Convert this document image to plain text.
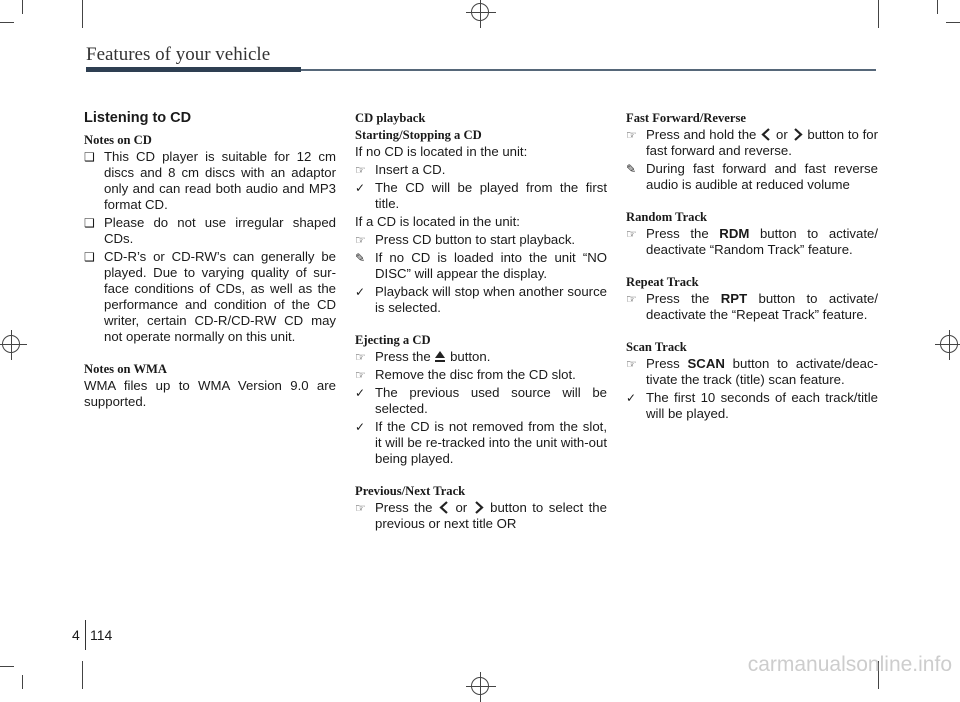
Features of your vehicle
Listening to CD
Notes on CD
❑ This CD player is suitable for 12 cm discs and 8 cm discs with an adaptor only and can read both audio and MP3 format CD.
❑ Please do not use irregular shaped CDs.
❑ CD-R’s or CD-RW’s can generally be played. Due to varying quality of sur-face conditions of CDs, as well as the performance and condition of the CD writer, certain CD-R/CD-RW CD may not operate normally on this unit.
Notes on WMA

WMA files up to WMA Version 9.0 are supported.

CD playback
Starting/Stopping a CD

If no CD is located in the unit:

☞ Insert a CD.
✓ The CD will be played from the first title.

If a CD is located in the unit:

☞ Press CD button to start playback.
✎ If no CD is loaded into the unit “NO DISC” will appear the display.
✓ Playback will stop when another source is selected.
Ejecting a CD
☞ Press the button.
☞ Remove the disc from the CD slot.
✓ The previous used source will be selected.
✓ If the CD is not removed from the slot, it will be re-tracked into the unit with-out being played.
Previous/Next Track
☞ Press the or button to select the previous or next title OR
Fast Forward/Reverse
☞ Press and hold the or button to for fast forward and reverse.
✎ During fast forward and fast reverse audio is audible at reduced volume
Random Track
☞ Press the RDM button to activate/ deactivate “Random Track” feature.
Repeat Track
☞ Press the RPT button to activate/ deactivate the “Repeat Track” feature.
Scan Track
☞ Press SCAN button to activate/deac-tivate the track (title) scan feature.
✓ The first 10 seconds of each track/title will be played.
4 114
carmanualsonline.info
